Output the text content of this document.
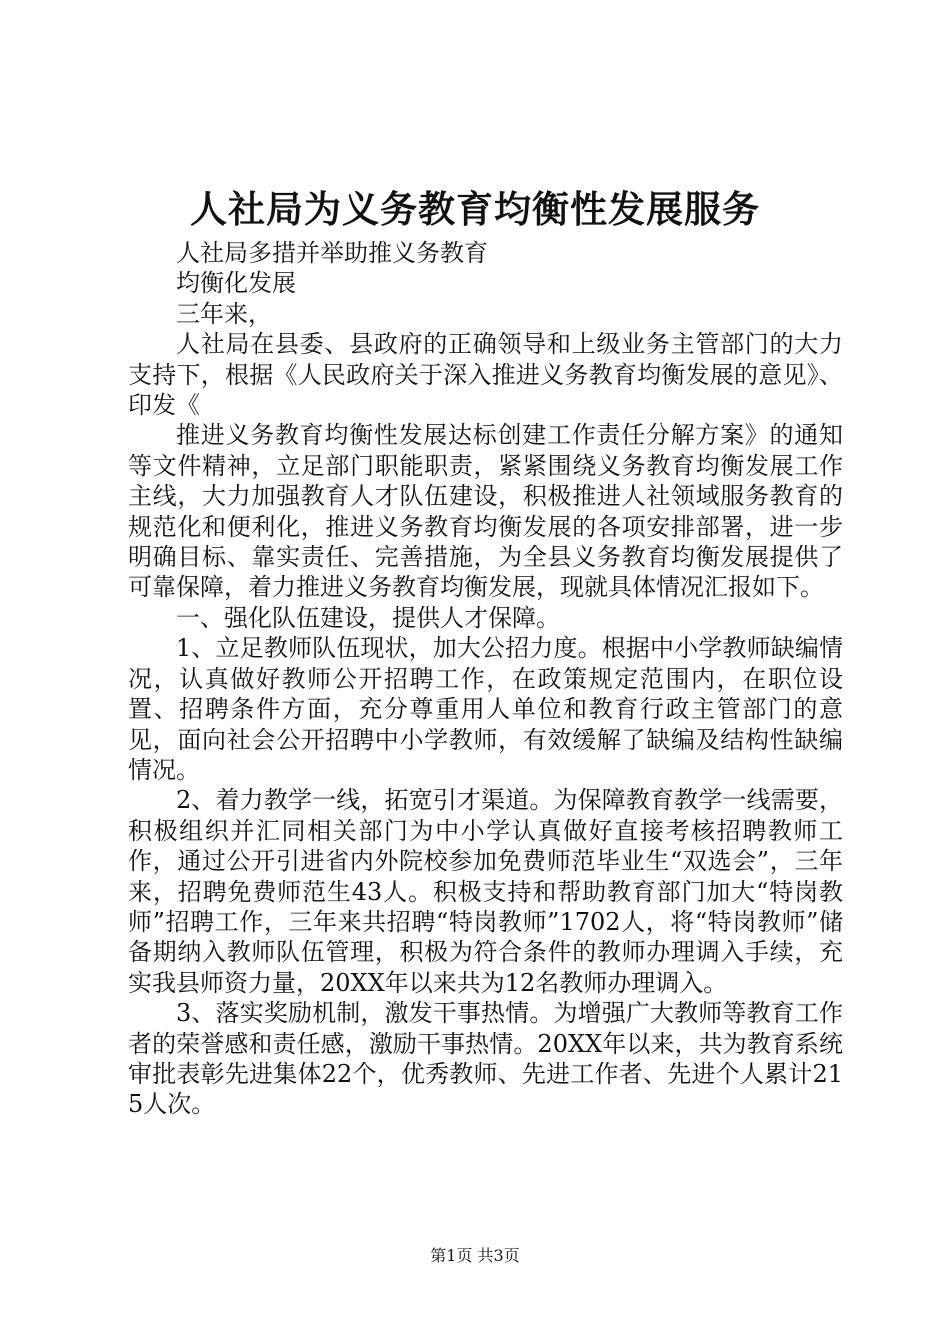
人社局为义务教育均衡性发展服务

人社局多措并举助推义务教育

均衡化发展

三年来，

人社局在县委、县政府的正确领导和上级业务主管部门的大力支持下，根据《人民政府关于深入推进义务教育均衡发展的意见》、印发《

推进义务教育均衡性发展达标创建工作责任分解方案》的通知等文件精神，立足部门职能职责，紧紧围绕义务教育均衡发展工作主线，大力加强教育人才队伍建设，积极推进人社领域服务教育的规范化和便利化，推进义务教育均衡发展的各项安排部署，进一步明确目标、靠实责任、完善措施，为全县义务教育均衡发展提供了可靠保障，着力推进义务教育均衡发展，现就具体情况汇报如下。

一、强化队伍建设，提供人才保障。

1、立足教师队伍现状，加大公招力度。根据中小学教师缺编情况，认真做好教师公开招聘工作，在政策规定范围内，在职位设置、招聘条件方面，充分尊重用人单位和教育行政主管部门的意见，面向社会公开招聘中小学教师，有效缓解了缺编及结构性缺编情况。

2、着力教学一线，拓宽引才渠道。为保障教育教学一线需要，积极组织并汇同相关部门为中小学认真做好直接考核招聘教师工作，通过公开引进省内外院校参加免费师范毕业生“双选会”，三年来，招聘免费师范生43人。积极支持和帮助教育部门加大“特岗教师”招聘工作，三年来共招聘“特岗教师”1702人，将“特岗教师”储备期纳入教师队伍管理，积极为符合条件的教师办理调入手续，充实我县师资力量，20XX年以来共为12名教师办理调入。

3、落实奖励机制，激发干事热情。为增强广大教师等教育工作者的荣誉感和责任感，激励干事热情。20XX年以来，共为教育系统审批表彰先进集体22个，优秀教师、先进工作者、先进个人累计215人次。

第1页 共3页
